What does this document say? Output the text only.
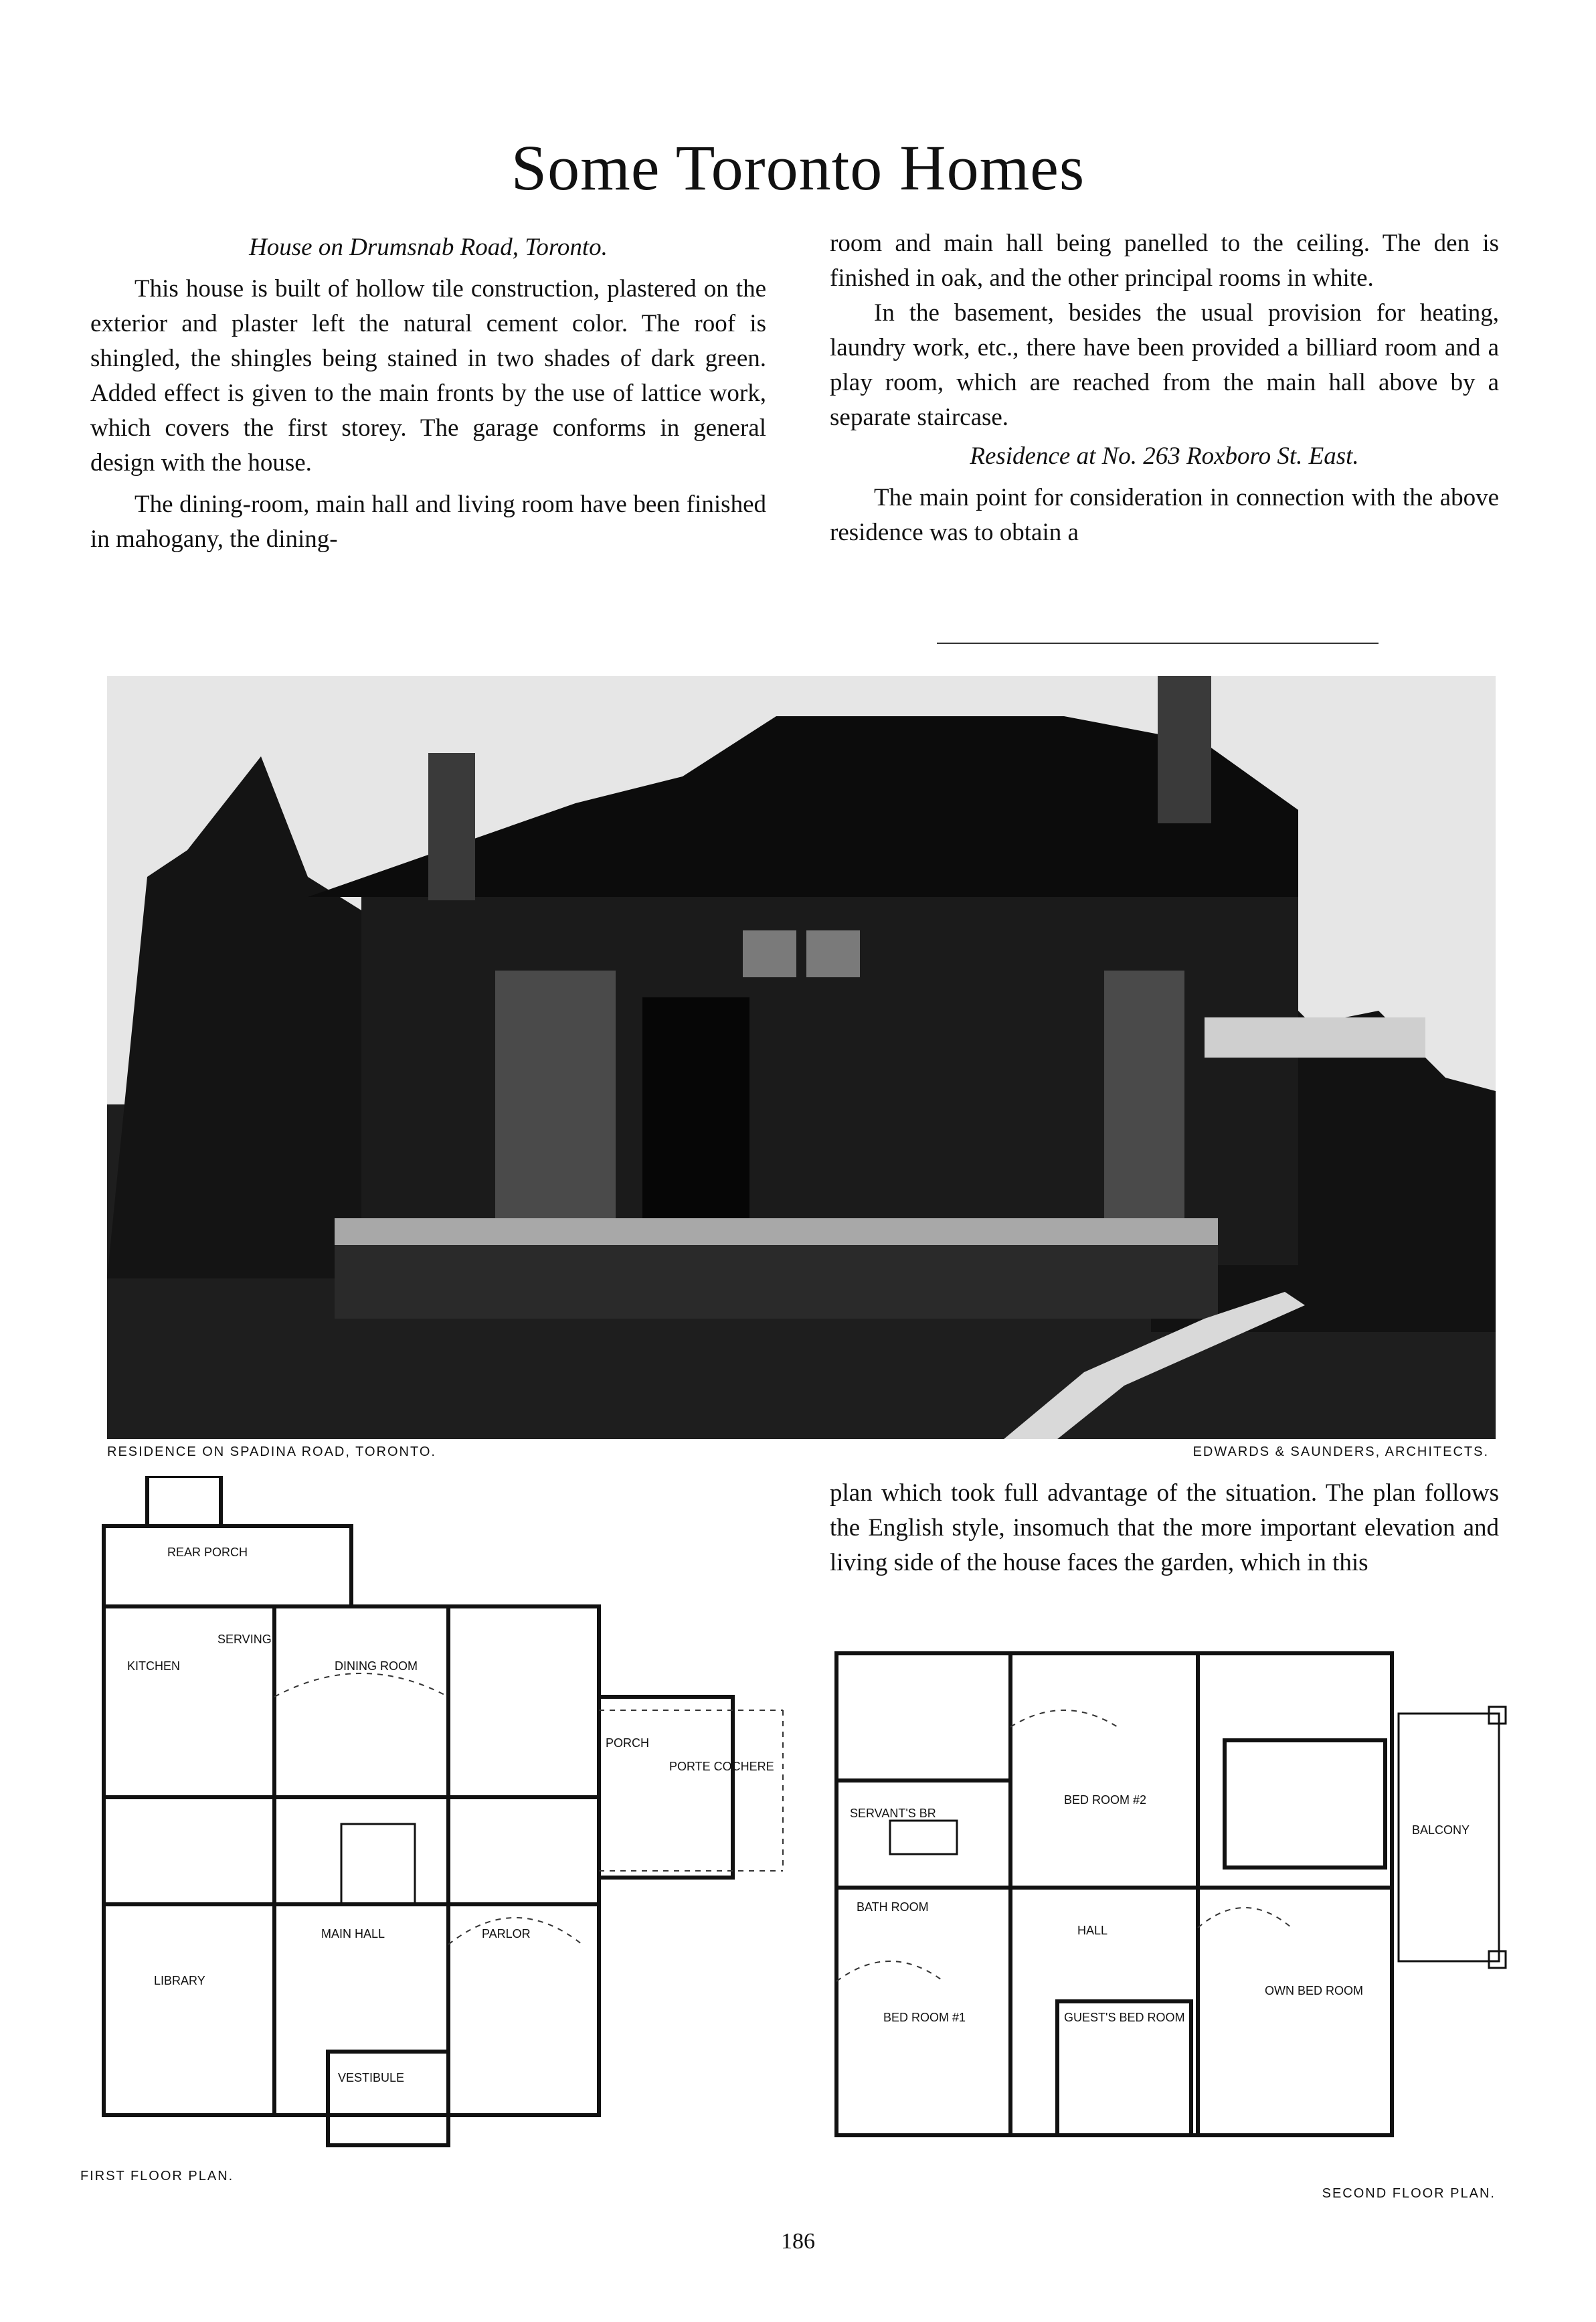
Some Toronto Homes

House on Drumsnab Road, Toronto.

This house is built of hollow tile construction, plastered on the exterior and plaster left the natural cement color. The roof is shingled, the shingles being stained in two shades of dark green. Added effect is given to the main fronts by the use of lattice work, which covers the first storey. The garage conforms in general design with the house.

The dining-room, main hall and living room have been finished in mahogany, the dining-

room and main hall being panelled to the ceiling. The den is finished in oak, and the other principal rooms in white.

In the basement, besides the usual provision for heating, laundry work, etc., there have been provided a billiard room and a play room, which are reached from the main hall above by a separate staircase.

Residence at No. 263 Roxboro St. East.

The main point for consideration in connection with the above residence was to obtain a

RESIDENCE ON SPADINA ROAD, TORONTO.	EDWARDS & SAUNDERS, ARCHITECTS.

plan which took full advantage of the situation. The plan follows the English style, insomuch that the more important elevation and living side of the house faces the garden, which in this

REAR PORCH
KITCHEN
SERVING
DINING ROOM
MAIN HALL	PARLOR
LIBRARY
VESTIBULE
PORCH
PORTE COCHERE
SERVANT'S BR
BED ROOM #2
BALCONY
BATH ROOM
HALL
BED ROOM #1	GUEST'S BED ROOM
OWN BED ROOM
FIRST FLOOR PLAN.
SECOND FLOOR PLAN.
186
